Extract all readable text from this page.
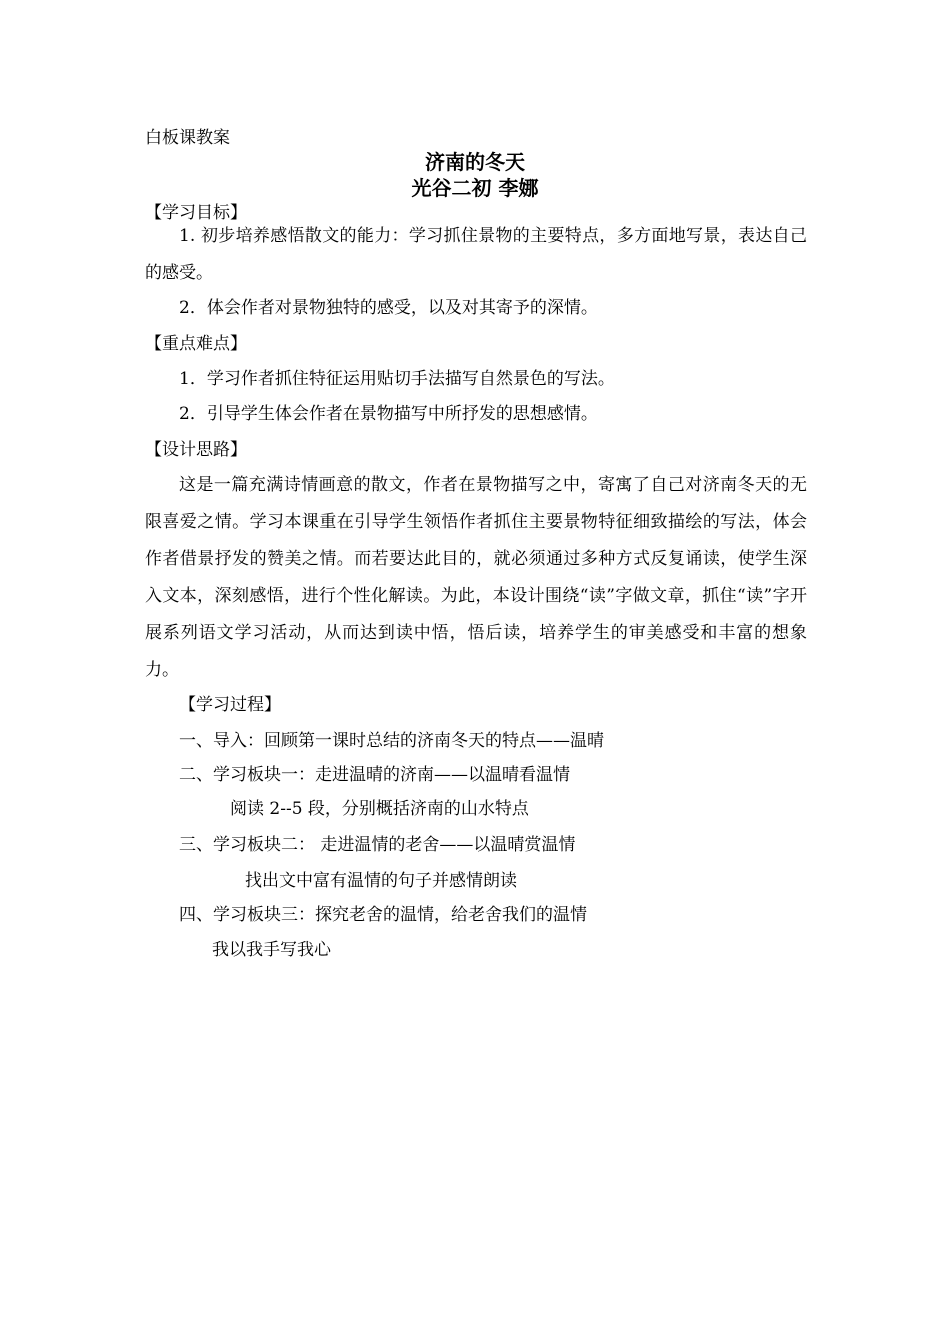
白板课教案
济南的冬天
光谷二初 李娜
【学习目标】
1. 初步培养感悟散文的能力：学习抓住景物的主要特点，多方面地写景，表达自己的感受。
2．体会作者对景物独特的感受，以及对其寄予的深情。
【重点难点】
1．学习作者抓住特征运用贴切手法描写自然景色的写法。
2．引导学生体会作者在景物描写中所抒发的思想感情。
【设计思路】
这是一篇充满诗情画意的散文，作者在景物描写之中，寄寓了自己对济南冬天的无限喜爱之情。学习本课重在引导学生领悟作者抓住主要景物特征细致描绘的写法，体会作者借景抒发的赞美之情。而若要达此目的，就必须通过多种方式反复诵读，使学生深入文本，深刻感悟，进行个性化解读。为此，本设计围绕“读”字做文章，抓住“读”字开展系列语文学习活动，从而达到读中悟，悟后读，培养学生的审美感受和丰富的想象力。
【学习过程】
一、导入：回顾第一课时总结的济南冬天的特点——温晴
二、学习板块一：走进温晴的济南——以温晴看温情
阅读 2--5 段，分别概括济南的山水特点
三、学习板块二： 走进温情的老舍——以温晴赏温情
找出文中富有温情的句子并感情朗读
四、学习板块三：探究老舍的温情，给老舍我们的温情
我以我手写我心
